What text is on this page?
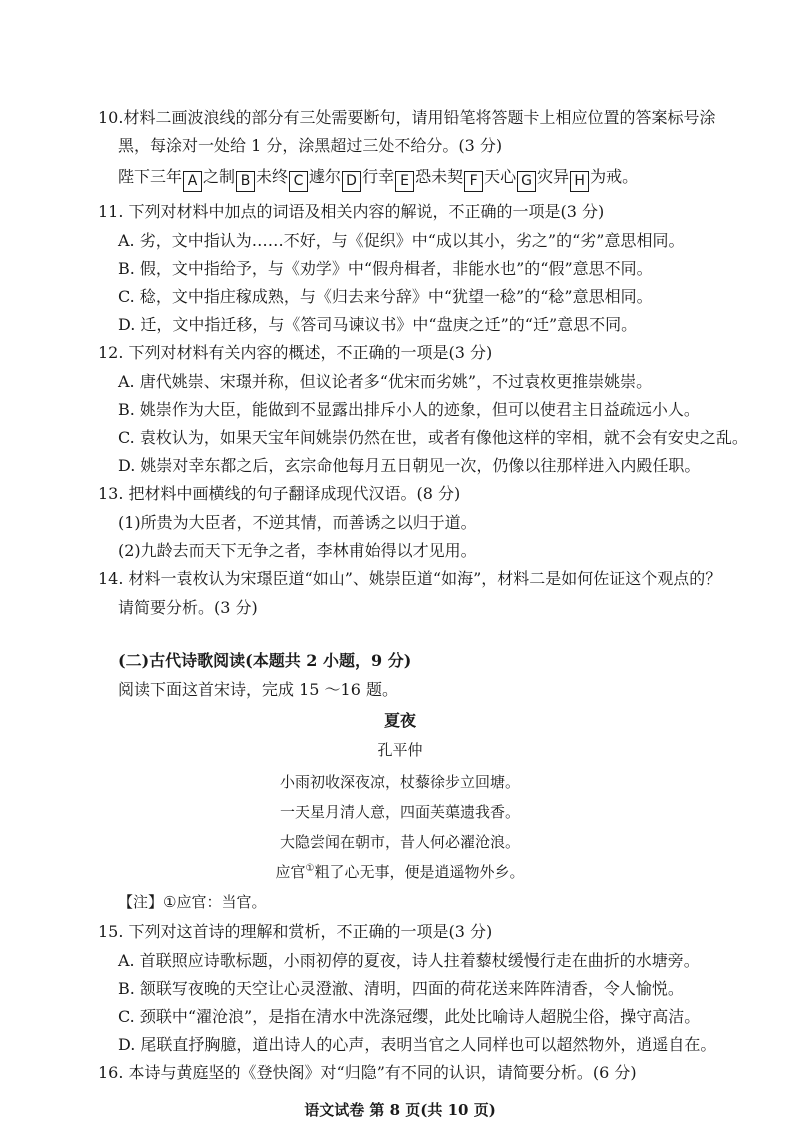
10.材料二画波浪线的部分有三处需要断句，请用铅笔将答题卡上相应位置的答案标号涂
黑，每涂对一处给 1 分，涂黑超过三处不给分。(3 分)
陛下三年 A 之制 B 未终 C 遽尔 D 行幸 E 恐未契 F 天心 G 灾异 H 为戒。
11. 下列对材料中加点的词语及相关内容的解说，不正确的一项是(3 分)
A. 劣，文中指认为……不好，与《促织》中“成以其小，劣之”的“劣”意思相同。
B. 假，文中指给予，与《劝学》中“假舟楫者，非能水也”的“假”意思不同。
C. 稔，文中指庄稼成熟，与《归去来兮辞》中“犹望一稔”的“稔”意思相同。
D. 迁，文中指迁移，与《答司马谏议书》中“盘庚之迁”的“迁”意思不同。
12. 下列对材料有关内容的概述，不正确的一项是(3 分)
A. 唐代姚崇、宋璟并称，但议论者多“优宋而劣姚”，不过袁枚更推崇姚崇。
B. 姚崇作为大臣，能做到不显露出排斥小人的迹象，但可以使君主日益疏远小人。
C. 袁枚认为，如果天宝年间姚崇仍然在世，或者有像他这样的宰相，就不会有安史之乱。
D. 姚崇对幸东都之后，玄宗命他每月五日朝见一次，仍像以往那样进入内殿任职。
13. 把材料中画横线的句子翻译成现代汉语。(8 分)
(1)所贵为大臣者，不逆其情，而善诱之以归于道。
(2)九龄去而天下无争之者，李林甫始得以才见用。
14. 材料一袁枚认为宋璟臣道“如山”、姚崇臣道“如海”，材料二是如何佐证这个观点的？
请简要分析。(3 分)
(二)古代诗歌阅读(本题共 2 小题，9 分)
阅读下面这首宋诗，完成 15 ～16 题。
夏夜
孔平仲
小雨初收深夜凉，杖藜徐步立回塘。
一天星月清人意，四面芙蕖遗我香。
大隐尝闻在朝市，昔人何必濯沧浪。
应官①粗了心无事，便是逍遥物外乡。
【注】①应官：当官。
15. 下列对这首诗的理解和赏析，不正确的一项是(3 分)
A. 首联照应诗歌标题，小雨初停的夏夜，诗人拄着藜杖缓慢行走在曲折的水塘旁。
B. 颔联写夜晚的天空让心灵澄澈、清明，四面的荷花送来阵阵清香，令人愉悦。
C. 颈联中“濯沧浪”，是指在清水中洗涤冠缨，此处比喻诗人超脱尘俗，操守高洁。
D. 尾联直抒胸臆，道出诗人的心声，表明当官之人同样也可以超然物外，逍遥自在。
16. 本诗与黄庭坚的《登快阁》对“归隐”有不同的认识，请简要分析。(6 分)
语文试卷 第 8 页(共 10 页)
